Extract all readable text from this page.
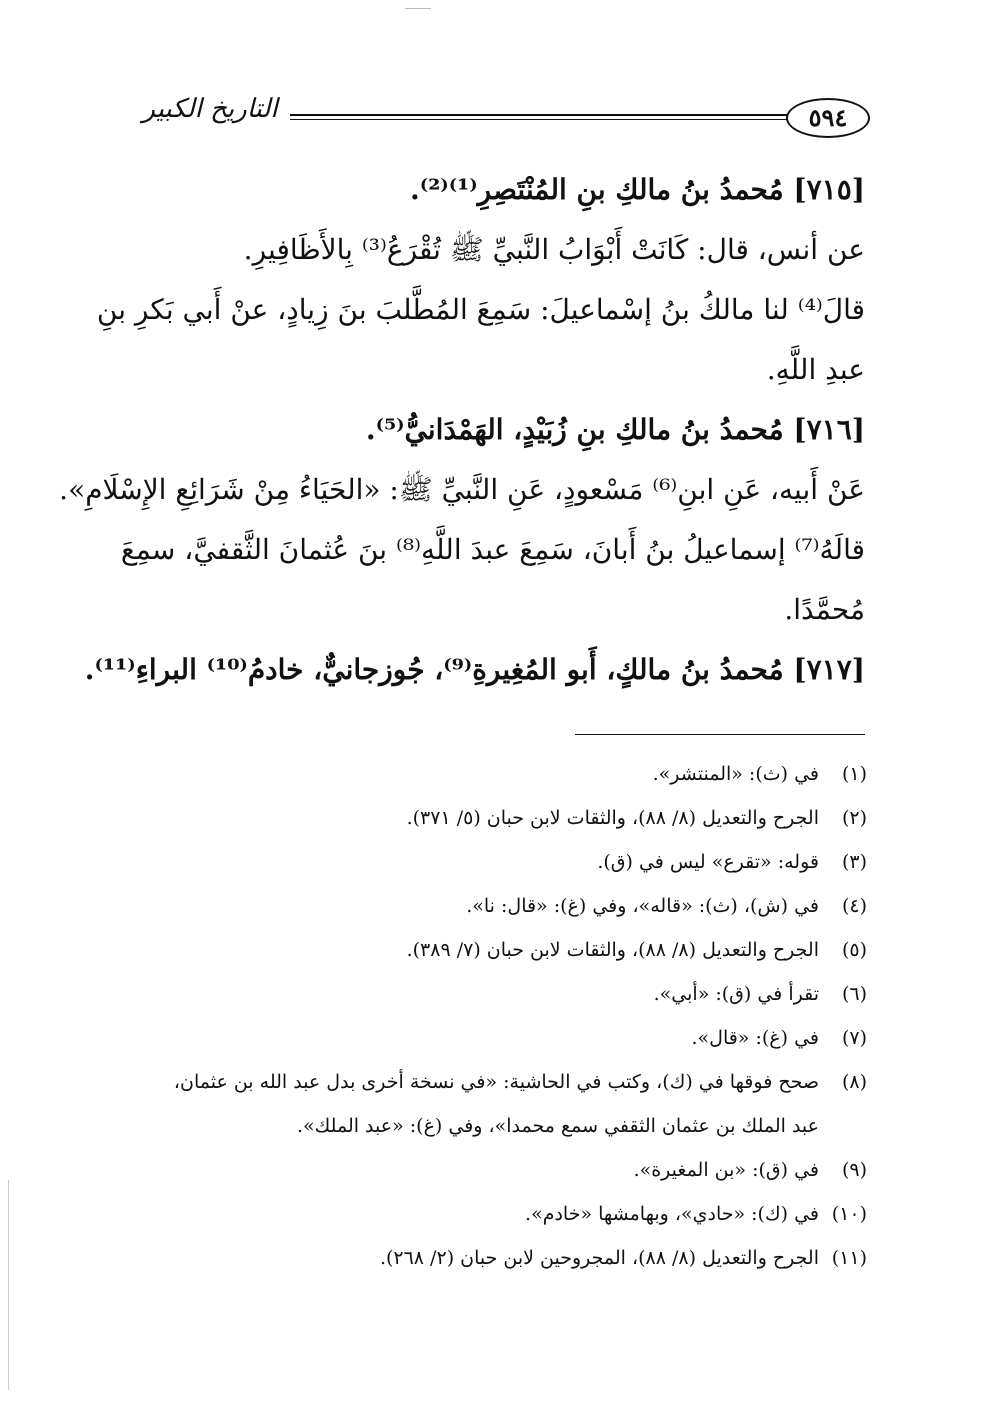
٥٩٤
التاريخ الكبير
[٧١٥] مُحمدُ بنُ مالكِ بنِ المُنْتَصِرِ⁽¹⁾⁽²⁾.
عن أنس، قال: كَانَتْ أَبْوَابُ النَّبيِّ ﷺ تُقْرَعُ⁽³⁾ بِالأَظَافِيرِ.
قالَ⁽⁴⁾ لنا مالكُ بنُ إسْماعيلَ: سَمِعَ المُطَّلبَ بنَ زِيادٍ، عنْ أَبي بَكرِ بنِ
عبدِ اللَّهِ.
[٧١٦] مُحمدُ بنُ مالكِ بنِ زُبَيْدٍ، الهَمْدَانيُّ⁽⁵⁾.
عَنْ أَبيه، عَنِ ابنِ⁽⁶⁾ مَسْعودٍ، عَنِ النَّبيِّ ﷺ: «الحَيَاءُ مِنْ شَرَائِعِ الإِسْلَامِ».
قالَهُ⁽⁷⁾ إسماعيلُ بنُ أَبانَ، سَمِعَ عبدَ اللَّهِ⁽⁸⁾ بنَ عُثمانَ الثَّقفيَّ، سمِعَ
مُحمَّدًا.
[٧١٧] مُحمدُ بنُ مالكٍ، أَبو المُغِيرةِ⁽⁹⁾، جُوزجانيٌّ، خادمُ⁽¹⁰⁾ البراءِ⁽¹¹⁾.
(١)في (ث): «المنتشر».
(٢)الجرح والتعديل (٨/ ٨٨)، والثقات لابن حبان (٥/ ٣٧١).
(٣)قوله: «تقرع» ليس في (ق).
(٤)في (ش)، (ث): «قاله»، وفي (غ): «قال: نا».
(٥)الجرح والتعديل (٨/ ٨٨)، والثقات لابن حبان (٧/ ٣٨٩).
(٦)تقرأ في (ق): «أبي».
(٧)في (غ): «قال».
(٨)صحح فوقها في (ك)، وكتب في الحاشية: «في نسخة أخرى بدل عبد الله بن عثمان،
عبد الملك بن عثمان الثقفي سمع محمدا»، وفي (غ): «عبد الملك».
(٩)في (ق): «بن المغيرة».
(١٠)في (ك): «حادي»، وبهامشها «خادم».
(١١)الجرح والتعديل (٨/ ٨٨)، المجروحين لابن حبان (٢/ ٢٦٨).
